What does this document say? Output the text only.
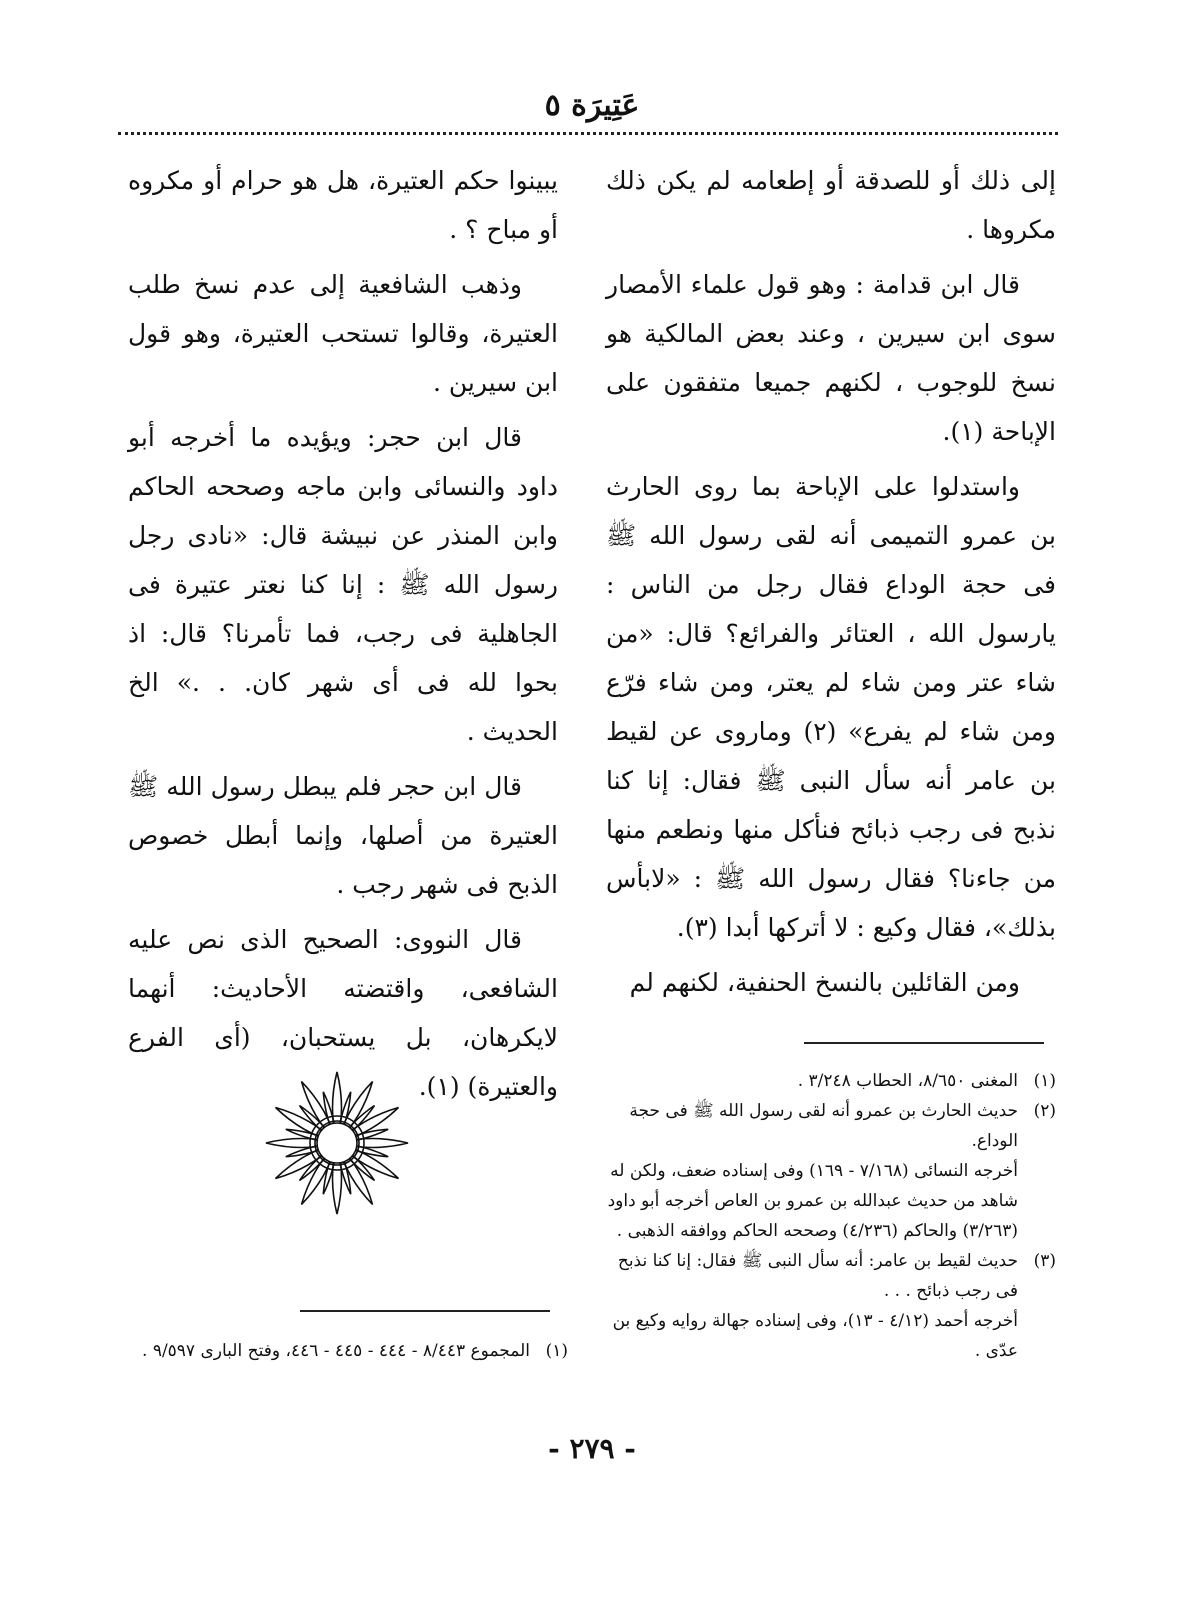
عَتِيرَة ٥

إلى ذلك أو للصدقة أو إطعامه لم يكن ذلك مكروها .

قال ابن قدامة : وهو قول علماء الأمصار سوى ابن سيرين ، وعند بعض المالكية هو نسخ للوجوب ، لكنهم جميعا متفقون على الإباحة (١).

واستدلوا على الإباحة بما روى الحارث بن عمرو التميمى أنه لقى رسول الله ﷺ فى حجة الوداع فقال رجل من الناس : يارسول الله ، العتائر والفرائع؟ قال: «من شاء عتر ومن شاء لم يعتر، ومن شاء فرّع ومن شاء لم يفرع» (٢) وماروى عن لقيط بن عامر أنه سأل النبى ﷺ فقال: إنا كنا نذبح فى رجب ذبائح فنأكل منها ونطعم منها من جاءنا؟ فقال رسول الله ﷺ : «لابأس بذلك»، فقال وكيع : لا أتركها أبدا (٣).

ومن القائلين بالنسخ الحنفية، لكنهم لم

يبينوا حكم العتيرة، هل هو حرام أو مكروه أو مباح ؟ .

وذهب الشافعية إلى عدم نسخ طلب العتيرة، وقالوا تستحب العتيرة، وهو قول ابن سيرين .

قال ابن حجر: ويؤيده ما أخرجه أبو داود والنسائى وابن ماجه وصححه الحاكم وابن المنذر عن نبيشة قال: «نادى رجل رسول الله ﷺ : إنا كنا نعتر عتيرة فى الجاهلية فى رجب، فما تأمرنا؟ قال: اذ بحوا لله فى أى شهر كان. . .» الخ الحديث .

قال ابن حجر فلم يبطل رسول الله ﷺ العتيرة من أصلها، وإنما أبطل خصوص الذبح فى شهر رجب .

قال النووى: الصحيح الذى نص عليه الشافعى، واقتضته الأحاديث: أنهما لايكرهان، بل يستحبان، (أى الفرع والعتيرة) (١).	(١)
المغنى ٨/٦٥٠، الحطاب ٣/٢٤٨ .
(٢)
حديث الحارث بن عمرو أنه لقى رسول الله ﷺ فى حجة الوداع.
أخرجه النسائى (٧/١٦٨ - ١٦٩) وفى إسناده ضعف، ولكن له شاهد من حديث عبدالله بن عمرو بن العاص أخرجه أبو داود (٣/٢٦٣) والحاكم (٤/٢٣٦) وصححه الحاكم ووافقه الذهبى .
(٣)
حديث لقيط بن عامر: أنه سأل النبى ﷺ فقال: إنا كنا نذبح فى رجب ذبائح . . .
أخرجه أحمد (٤/١٢ - ١٣)، وفى إسناده جهالة روايه وكيع بن عدّى .
(١)
المجموع ٨/٤٤٣ - ٤٤٤ - ٤٤٥ - ٤٤٦، وفتح البارى ٩/٥٩٧ .
- ٢٧٩ -
